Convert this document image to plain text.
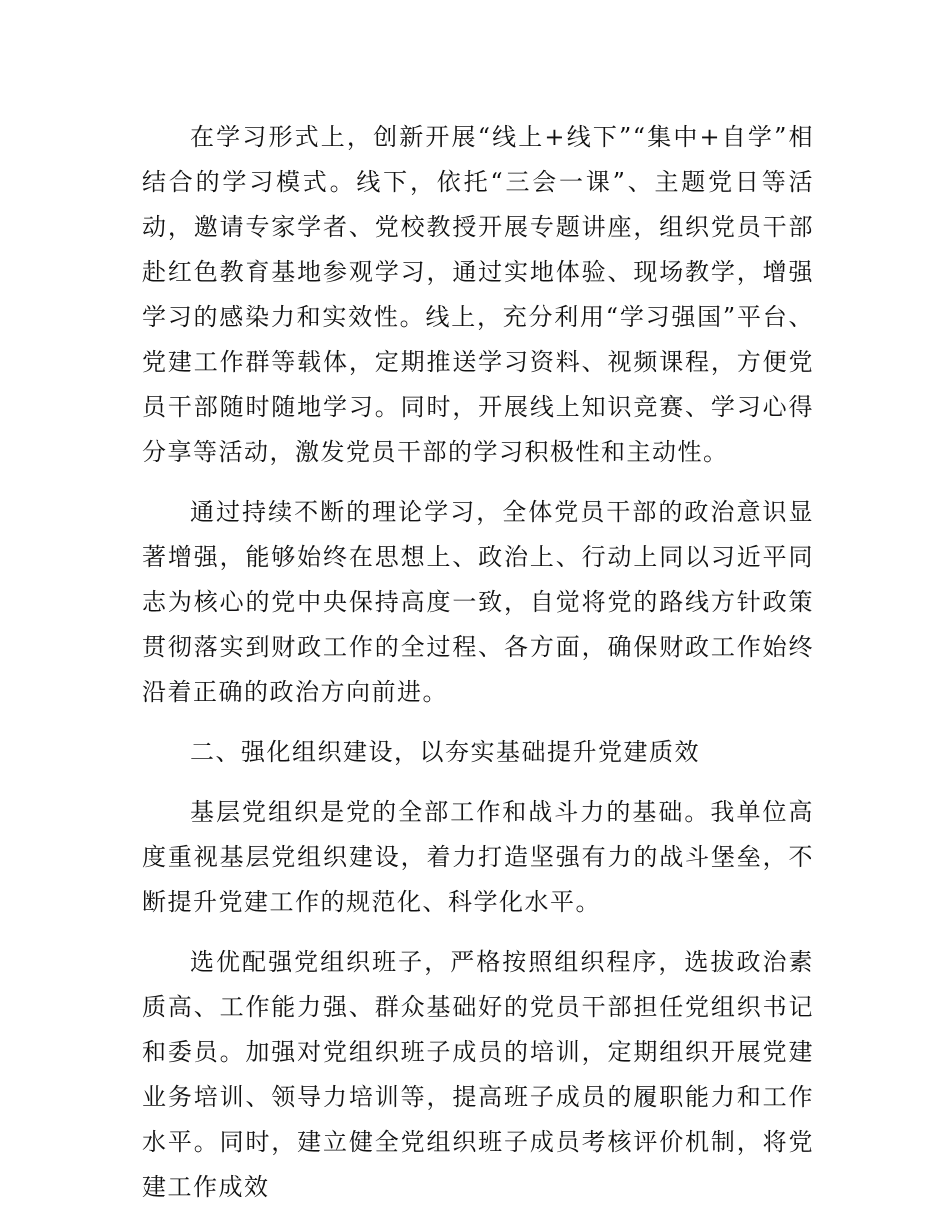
在学习形式上，创新开展“线上+线下”“集中+自学”相结合的学习模式。线下，依托“三会一课”、主题党日等活动，邀请专家学者、党校教授开展专题讲座，组织党员干部赴红色教育基地参观学习，通过实地体验、现场教学，增强学习的感染力和实效性。线上，充分利用“学习强国”平台、党建工作群等载体，定期推送学习资料、视频课程，方便党员干部随时随地学习。同时，开展线上知识竞赛、学习心得分享等活动，激发党员干部的学习积极性和主动性。

通过持续不断的理论学习，全体党员干部的政治意识显著增强，能够始终在思想上、政治上、行动上同以习近平同志为核心的党中央保持高度一致，自觉将党的路线方针政策贯彻落实到财政工作的全过程、各方面，确保财政工作始终沿着正确的政治方向前进。

二、强化组织建设，以夯实基础提升党建质效

基层党组织是党的全部工作和战斗力的基础。我单位高度重视基层党组织建设，着力打造坚强有力的战斗堡垒，不断提升党建工作的规范化、科学化水平。

选优配强党组织班子，严格按照组织程序，选拔政治素质高、工作能力强、群众基础好的党员干部担任党组织书记和委员。加强对党组织班子成员的培训，定期组织开展党建业务培训、领导力培训等，提高班子成员的履职能力和工作水平。同时，建立健全党组织班子成员考核评价机制，将党建工作成效
